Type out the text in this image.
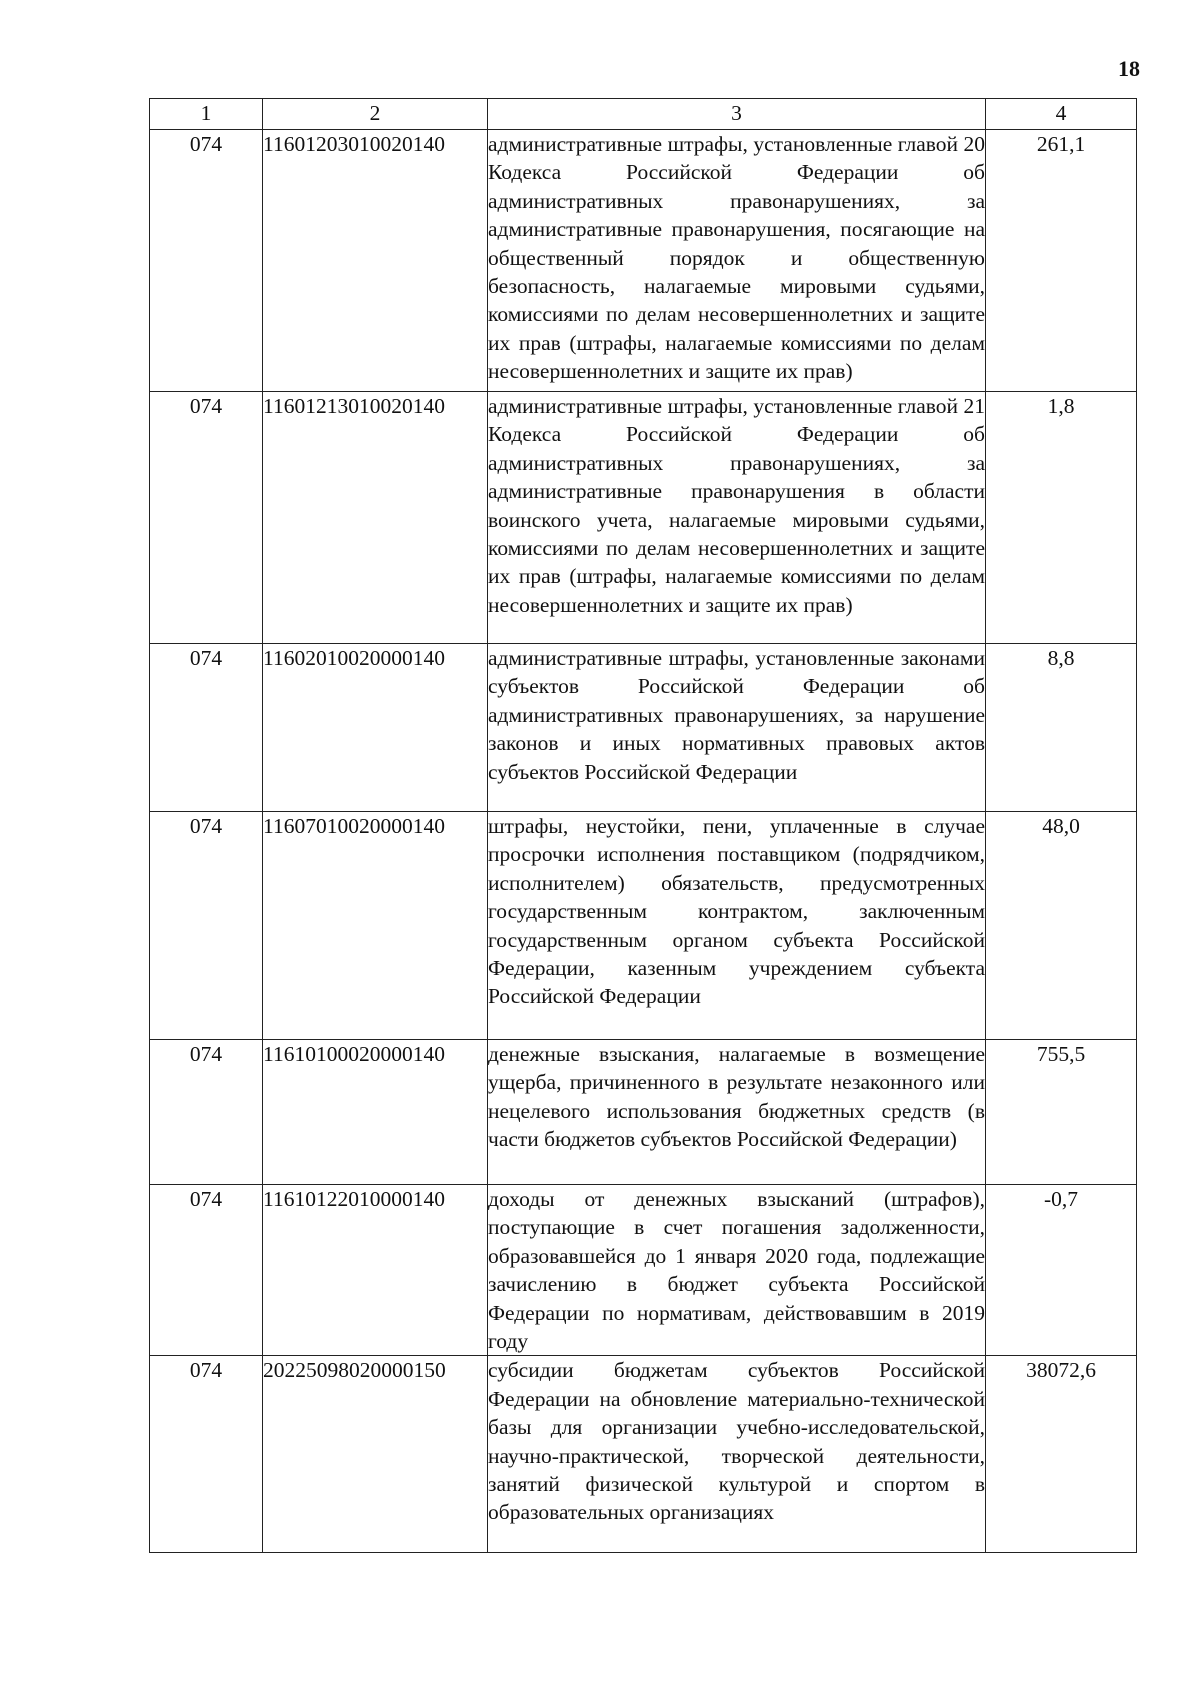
18
1	2	3	4
074	11601203010020140	административные штрафы, установленные главой 20 Кодекса Российской Федерации об административных правонарушениях, за административные правонарушения, посягающие на общественный порядок и общественную безопасность, налагаемые мировыми судьями, комиссиями по делам несовершеннолетних и защите их прав (штрафы, налагаемые комиссиями по делам несовершеннолетних и защите их прав)	261,1
074	11601213010020140	административные штрафы, установленные главой 21 Кодекса Российской Федерации об административных правонарушениях, за административные правонарушения в области воинского учета, налагаемые мировыми судьями, комиссиями по делам несовершеннолетних и защите их прав (штрафы, налагаемые комиссиями по делам несовершеннолетних и защите их прав)	1,8
074	11602010020000140	административные штрафы, установленные законами субъектов Российской Федерации об административных правонарушениях, за нарушение законов и иных нормативных правовых актов субъектов Российской Федерации	8,8
074	11607010020000140	штрафы, неустойки, пени, уплаченные в случае просрочки исполнения поставщиком (подрядчиком, исполнителем) обязательств, предусмотренных государственным контрактом, заключенным государственным органом субъекта Российской Федерации, казенным учреждением субъекта Российской Федерации	48,0
074	11610100020000140	денежные взыскания, налагаемые в возмещение ущерба, причиненного в результате незаконного или нецелевого использования бюджетных средств (в части бюджетов субъектов Российской Федерации)	755,5
074	11610122010000140	доходы от денежных взысканий (штрафов), поступающие в счет погашения задолженности, образовавшейся до 1 января 2020 года, подлежащие зачислению в бюджет субъекта Российской Федерации по нормативам, действовавшим в 2019 году	-0,7
074	20225098020000150	субсидии бюджетам субъектов Российской Федерации на обновление материально-технической базы для организации учебно-исследовательской, научно-практической, творческой деятельности, занятий физической культурой и спортом в образовательных организациях	38072,6
